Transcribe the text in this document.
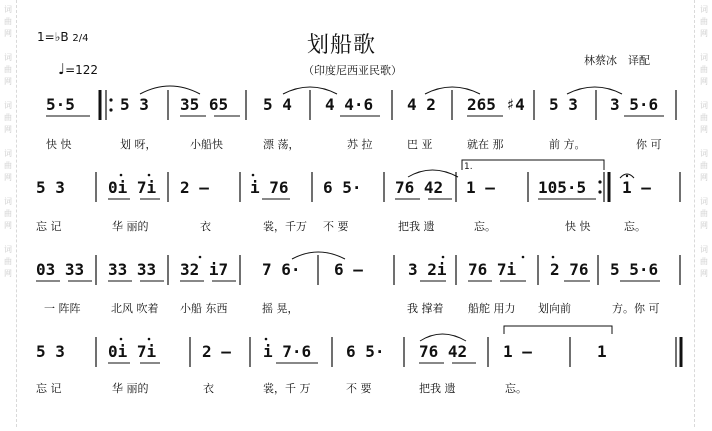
词
曲
网

词
曲
网

词
曲
网

词
曲
网

词
曲
网

词
曲
网
词
曲
网

词
曲
网

词
曲
网

词
曲
网

词
曲
网

词
曲
网
1=♭B 2/4
♩=122
划船歌
（印度尼西亚民歌）
林蔡冰　译配
5·5	5 3 35 65 5 4 4 4·6 4 2 265 ♯4 5 3 3 5·6
快 快	划 呀，	小船快	漂 荡，	苏 拉	巴 亚	就在 那	前 方。	你 可
5 3	0i 7i 2 –	i 76 6 5· 76 42 1 –	105·5 1 –
忘 记	华 丽的	衣	裳，千万 不 要	把我 遗	忘。	快 快	忘。
03 33 33 33 32 i7 7 6· 6 –	3 2i 76 7i 2 76 5 5·6
一 阵阵	北风 吹着 小船 东西	摇 晃，	我 撑着 船舵 用力 划向前	方。你 可
5 3	0i 7i	2 – i 7·6 6 5· 76 42 1 –	1
忘 记	华 丽的	衣	裳，千 万	不 要	把我 遗	忘。
1.
